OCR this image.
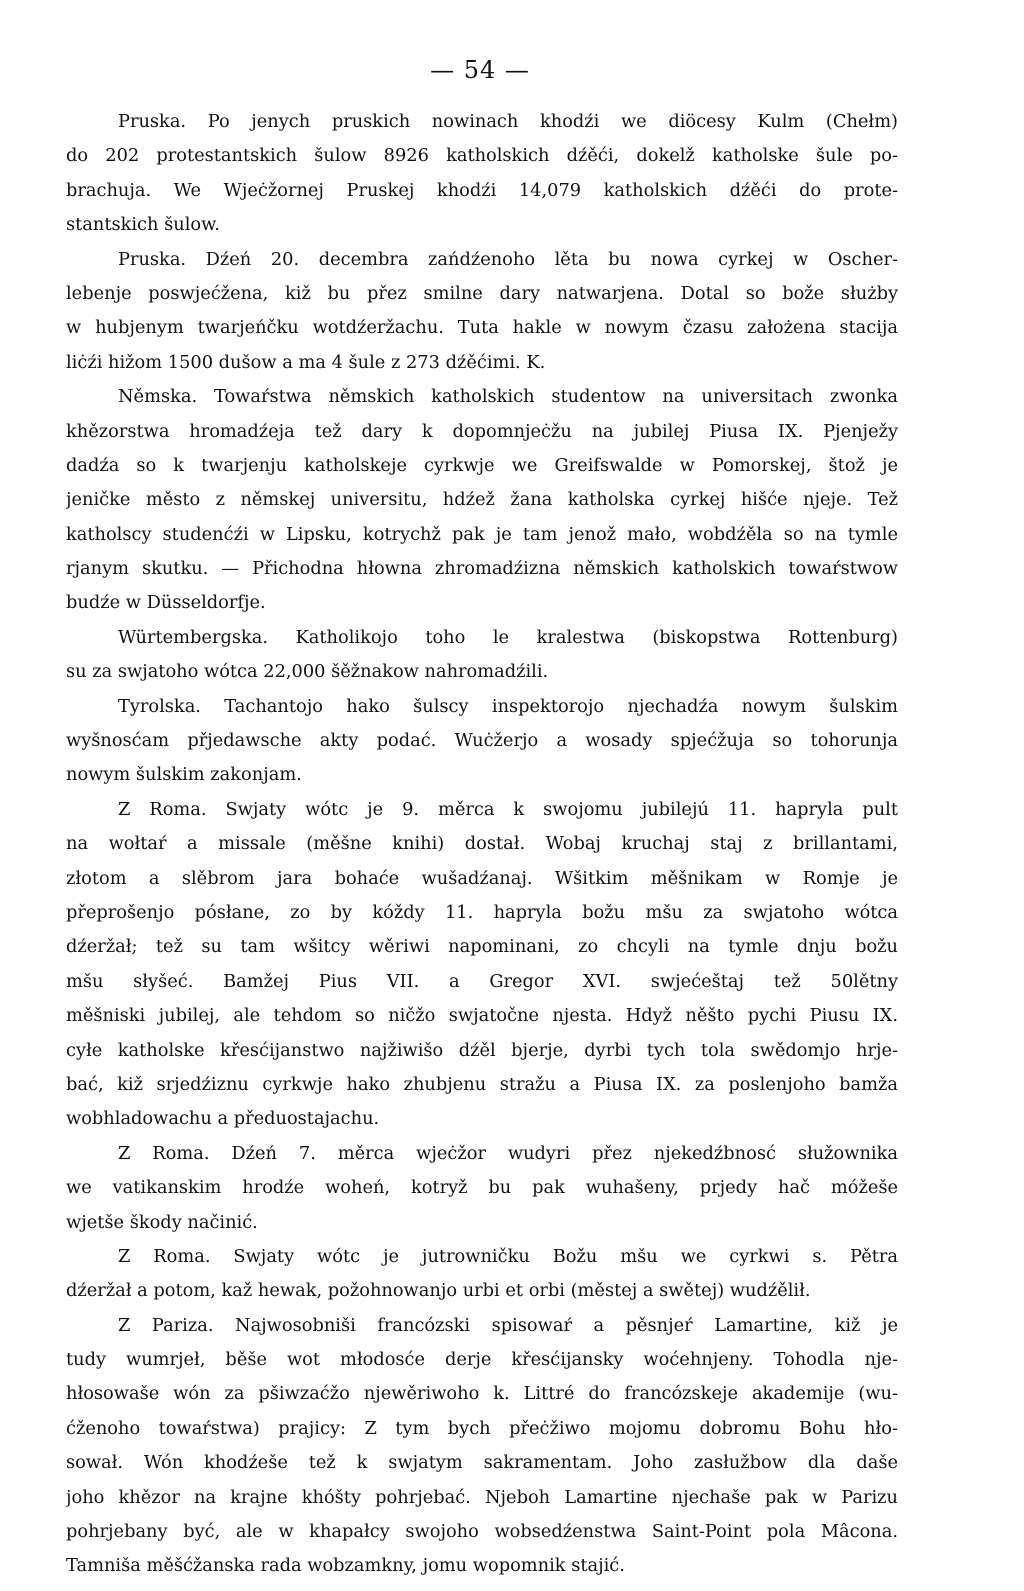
— 54 —
Pruska. Po jenych pruskich nowinach khodźi we diöcesy Kulm (Chełm)
do 202 protestantskich šulow 8926 katholskich dźěći, dokelž katholske šule po-
brachuja. We Wjeċžornej Pruskej khodźi 14,079 katholskich dźěći do prote-
stantskich šulow.
Pruska. Dźeń 20. decembra zańdźenoho lěta bu nowa cyrkej w Oscher-
lebenje poswjećžena, kiž bu přez smilne dary natwarjena. Dotal so bože służby
w hubjenym twarjeńčku wotdźeržachu. Tuta hakle w nowym čzasu założena stacija
liċźi hižom 1500 dušow a ma 4 šule z 273 dźěćimi. K.
Němska. Towaŕstwa němskich katholskich studentow na universitach zwonka
khězorstwa hromadźeja tež dary k dopomnjeċžu na jubilej Piusa IX. Pjenježy
dadźa so k twarjenju katholskeje cyrkwje we Greifswalde w Pomorskej, štož je
jeničke město z němskej universitu, hdźež žana katholska cyrkej hišće njeje. Tež
katholscy studenćźi w Lipsku, kotrychž pak je tam jenož mało, wobdźěla so na tymle
rjanym skutku. — Přichodna hłowna zhromadźizna němskich katholskich towaŕstwow
budźe w Düsseldorfje.
Würtembergska. Katholikojo toho le kralestwa (biskopstwa Rottenburg)
su za swjatoho wótca 22,000 šěžnakow nahromadźili.
Tyrolska. Tachantojo hako šulscy inspektorojo njechadźa nowym šulskim
wyšnosćam přjedawsche akty podać. Wuċžerjo a wosady spjećžuja so tohorunja
nowym šulskim zakonjam.
Z Roma. Swjaty wótc je 9. měrca k swojomu jubilejú 11. hapryla pult
na wołtaŕ a missale (měšne knihi) dostał. Wobaj kruchaj staj z brillantami,
złotom a slěbrom jara bohaće wušadźanaj. Wšitkim měšnikam w Romje je
přeprošenjo pósłane, zo by kóždy 11. hapryla božu mšu za swjatoho wótca
dźeržał; tež su tam wšitcy wěriwi napominani, zo chcyli na tymle dnju božu
mšu słyšeć. Bamžej Pius VII. a Gregor XVI. swjećeštaj tež 50lětny
měšniski jubilej, ale tehdom so ničžo swjatočne njesta. Hdyž něšto pychi Piusu IX.
cyłe katholske křesćijanstwo najžiwišo dźěl bjerje, dyrbi tych tola swědomjo hrje-
bać, kiž srjedźiznu cyrkwje hako zhubjenu stražu a Piusa IX. za poslenjoho bamža
wobhladowachu a předuostajachu.
Z Roma. Dźeń 7. měrca wjeċžor wudyri přez njekedźbnosć słužownika
we vatikanskim hrodźe woheń, kotryž bu pak wuhašeny, prjedy hač móžeše
wjetše škody načinić.
Z Roma. Swjaty wótc je jutrowničku Božu mšu we cyrkwi s. Pětra
dźeržał a potom, kaž hewak, požohnowanjo urbi et orbi (městej a swětej) wudźělił.
Z Pariza. Najwosobniši francózski spisowaŕ a pěsnjeŕ Lamartine, kiž je
tudy wumrjeł, běše wot młodosće derje křesćijansky woćehnjeny. Tohodla nje-
hłosowaše wón za pšiwzaćžo njewěriwoho k. Littré do francózskeje akademije (wu-
ćženoho towaŕstwa) prajicy: Z tym bych přeċžiwo mojomu dobromu Bohu hło-
sował. Wón khodźeše tež k swjatym sakramentam. Joho zasłužbow dla daše
joho khězor na krajne khóšty pohrjebać. Njeboh Lamartine njechaše pak w Parizu
pohrjebany być, ale w khapałcy swojoho wobsedźenstwa Saint-Point pola Mâcona.
Tamniša měšćžanska rada wobzamkny, jomu wopomnik stajić.
